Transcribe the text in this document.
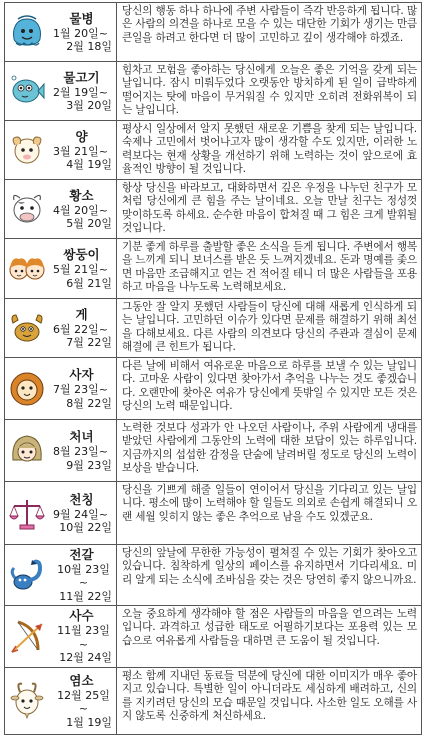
물병
1월 20일~
2월 18일
당신의 행동 하나 하나에 주변 사람들이 즉각 반응하게 됩니다. 많은 사람의 의견을 하나로 모을 수 있는 대단한 기회가 생기는 만큼 큰일을 하려고 한다면 더 많이 고민하고 깊이 생각해야 하겠죠.
물고기
2월 19일~
3월 20일
힘차고 모험을 좋아하는 당신에게 오늘은 좋은 기억을 갖게 되는 날입니다. 잠시 미뤄두었다 오랫동안 방치하게 된 일이 급박하게 떨어지는 탓에 마음이 무거워질 수 있지만 오히려 전화위복이 되는 날입니다.
양
3월 21일~
4월 19일
평상시 일상에서 알지 못했던 새로운 기쁨을 찾게 되는 날입니다. 숙제나 고민에서 벗어나고자 많이 생각할 수도 있지만, 이러한 노력보다는 현재 상황을 개선하기 위해 노력하는 것이 앞으로에 효율적인 방향이 될 것입니다.
황소
4월 20일~
5월 20일
항상 당신을 바라보고, 대화하면서 깊은 우정을 나누던 친구가 모처럼 당신에게 큰 힘을 주는 날이네요. 오늘 만날 친구는 정성껏 맞이하도록 하세요. 순수한 마음이 합쳐질 때 그 힘은 크게 발휘될 것입니다.
쌍둥이
5월 21일~
6월 21일
기분 좋게 하루를 출발할 좋은 소식을 듣게 됩니다. 주변에서 행복을 느끼게 되니 보너스를 받은 듯 느껴지겠네요. 돈과 명예를 좇으면 마음만 조급해지고 얻는 건 적어질 테니 더 많은 사람들을 포용하고 마음을 나누도록 노력해보세요.
게
6월 22일~
7월 22일
그동안 잘 알지 못했던 사람들이 당신에 대해 새롭게 인식하게 되는 날입니다. 고민하던 이슈가 있다면 문제를 해결하기 위해 최선을 다해보세요. 다른 사람의 의견보다 당신의 주관과 결심이 문제 해결에 큰 힌트가 됩니다.
사자
7월 23일~
8월 22일
다른 날에 비해서 여유로운 마음으로 하루를 보낼 수 있는 날입니다. 고마운 사람이 있다면 찾아가서 추억을 나누는 것도 좋겠습니다. 오랜만에 찾아온 여유가 당신에게 뜻밖일 수 있지만 모든 것은 당신의 노력 때문입니다.
처녀
8월 23일~
9월 23일
노력한 것보다 성과가 안 나오던 사람이나, 주위 사람에게 냉대를 받았던 사람에게 그동안의 노력에 대한 보답이 있는 하루입니다. 지금까지의 섭섭한 감정을 단숨에 날려버릴 정도로 당신의 노력이 보상을 받습니다.
천칭
9월 24일~
10월 22일
당신을 기쁘게 해줄 일들이 연이어서 당신을 기다리고 있는 날입니다. 평소에 많이 노력해야 할 일들도 의외로 손쉽게 해결되니 오랜 세월 잊히지 않는 좋은 추억으로 남을 수도 있겠군요.
전갈
10월 23일~
11월 22일
당신의 앞날에 무한한 가능성이 펼쳐질 수 있는 기회가 찾아오고 있습니다. 침착하게 일상의 페이스를 유지하면서 기다리세요. 미리 알게 되는 소식에 조바심을 갖는 것은 당연히 좋지 않으니까요.
사수
11월 23일~
12월 24일
오늘 중요하게 생각해야 할 점은 사람들의 마음을 얻으려는 노력입니다. 과격하고 성급한 태도로 어필하기보다는 포용력 있는 모습으로 여유롭게 사람들을 대하면 큰 도움이 될 것입니다.
염소
12월 25일~
1월 19일
평소 함께 지내던 동료들 덕분에 당신에 대한 이미지가 매우 좋아지고 있습니다. 특별한 일이 아니더라도 세심하게 배려하고, 신의를 지키려던 당신의 모습 때문일 것입니다. 사소한 일도 오해를 사지 않도록 신중하게 처신하세요.
